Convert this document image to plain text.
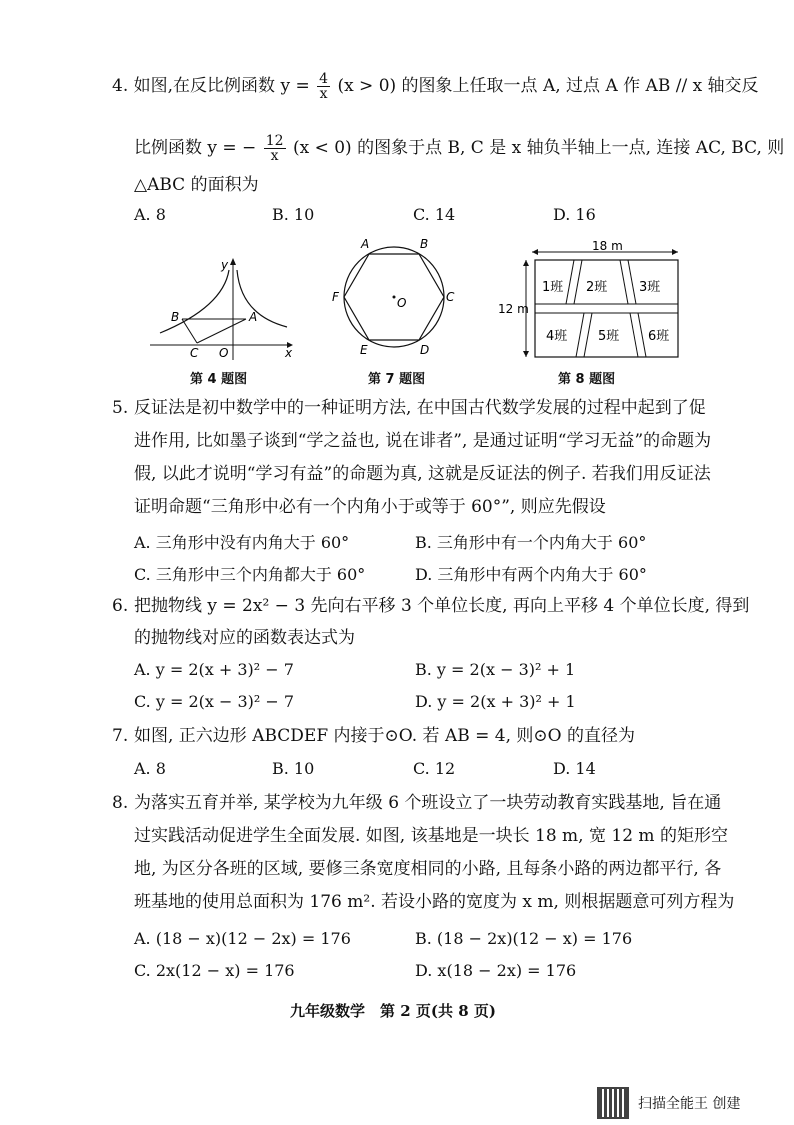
4. 如图,在反比例函数 $y = \frac{4}{x} (x > 0)$ 的图象上任取一点 A, 过点 A 作 AB // x 轴交反
比例函数 y = − $\frac{12}{x} (x < 0)$ 的图象于点 B, C 是 x 轴负半轴上一点, 连接 AC, BC, 则
△ABC 的面积为
A. 8	B. 10	C. 14	D. 16
y
x
B	A
C O
第 4 题图
A	B
C
D
E
F	O
第 7 题图
18 m
12 m
1班 2班 3班
4班 5班 6班
第 8 题图
5. 反证法是初中数学中的一种证明方法, 在中国古代数学发展的过程中起到了促
进作用, 比如墨子谈到“学之益也, 说在诽者”, 是通过证明“学习无益”的命题为
假, 以此才说明“学习有益”的命题为真, 这就是反证法的例子. 若我们用反证法
证明命题“三角形中必有一个内角小于或等于 60°”, 则应先假设
A. 三角形中没有内角大于 60°	B. 三角形中有一个内角大于 60°
C. 三角形中三个内角都大于 60°	D. 三角形中有两个内角大于 60°
6. 把抛物线 y = 2x² − 3 先向右平移 3 个单位长度, 再向上平移 4 个单位长度, 得到
的抛物线对应的函数表达式为
A. y = 2(x + 3)² − 7	B. y = 2(x − 3)² + 1
C. y = 2(x − 3)² − 7	D. y = 2(x + 3)² + 1
7. 如图, 正六边形 ABCDEF 内接于⊙O. 若 AB = 4, 则⊙O 的直径为
A. 8	B. 10	C. 12	D. 14
8. 为落实五育并举, 某学校为九年级 6 个班设立了一块劳动教育实践基地, 旨在通
过实践活动促进学生全面发展. 如图, 该基地是一块长 18 m, 宽 12 m 的矩形空
地, 为区分各班的区域, 要修三条宽度相同的小路, 且每条小路的两边都平行, 各
班基地的使用总面积为 176 m². 若设小路的宽度为 x m, 则根据题意可列方程为
A. (18 − x)(12 − 2x) = 176	B. (18 − 2x)(12 − x) = 176
C. 2x(12 − x) = 176	D. x(18 − 2x) = 176
九年级数学　第 2 页(共 8 页)
扫描全能王 创建
